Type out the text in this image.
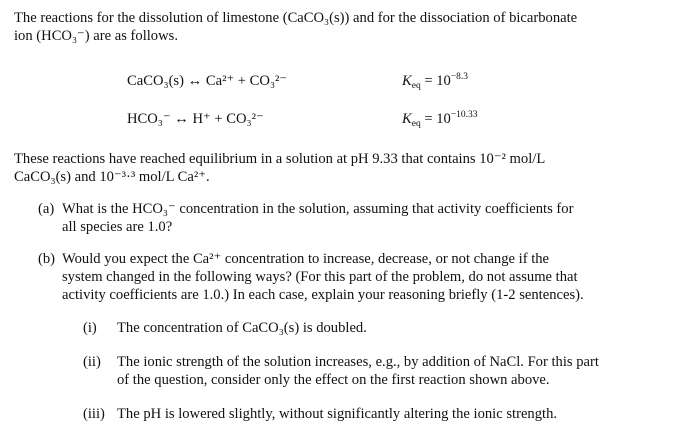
The reactions for the dissolution of limestone (CaCO₃(s)) and for the dissociation of bicarbonate
ion (HCO₃⁻) are as follows.
CaCO₃(s) ↔ Ca²⁺ + CO₃²⁻	$K_{eq} = 10^{-8.3}$
HCO₃⁻ ↔ H⁺ + CO₃²⁻	$K_{eq} = 10^{-10.33}$
These reactions have reached equilibrium in a solution at pH 9.33 that contains 10⁻² mol/L
CaCO₃(s) and 10⁻³·³ mol/L Ca²⁺.
(a) What is the HCO₃⁻ concentration in the solution, assuming that activity coefficients for
all species are 1.0?
(b) Would you expect the Ca²⁺ concentration to increase, decrease, or not change if the
system changed in the following ways? (For this part of the problem, do not assume that
activity coefficients are 1.0.) In each case, explain your reasoning briefly (1-2 sentences).
(i) The concentration of CaCO₃(s) is doubled.
(ii) The ionic strength of the solution increases, e.g., by addition of NaCl. For this part
of the question, consider only the effect on the first reaction shown above.
(iii) The pH is lowered slightly, without significantly altering the ionic strength.
